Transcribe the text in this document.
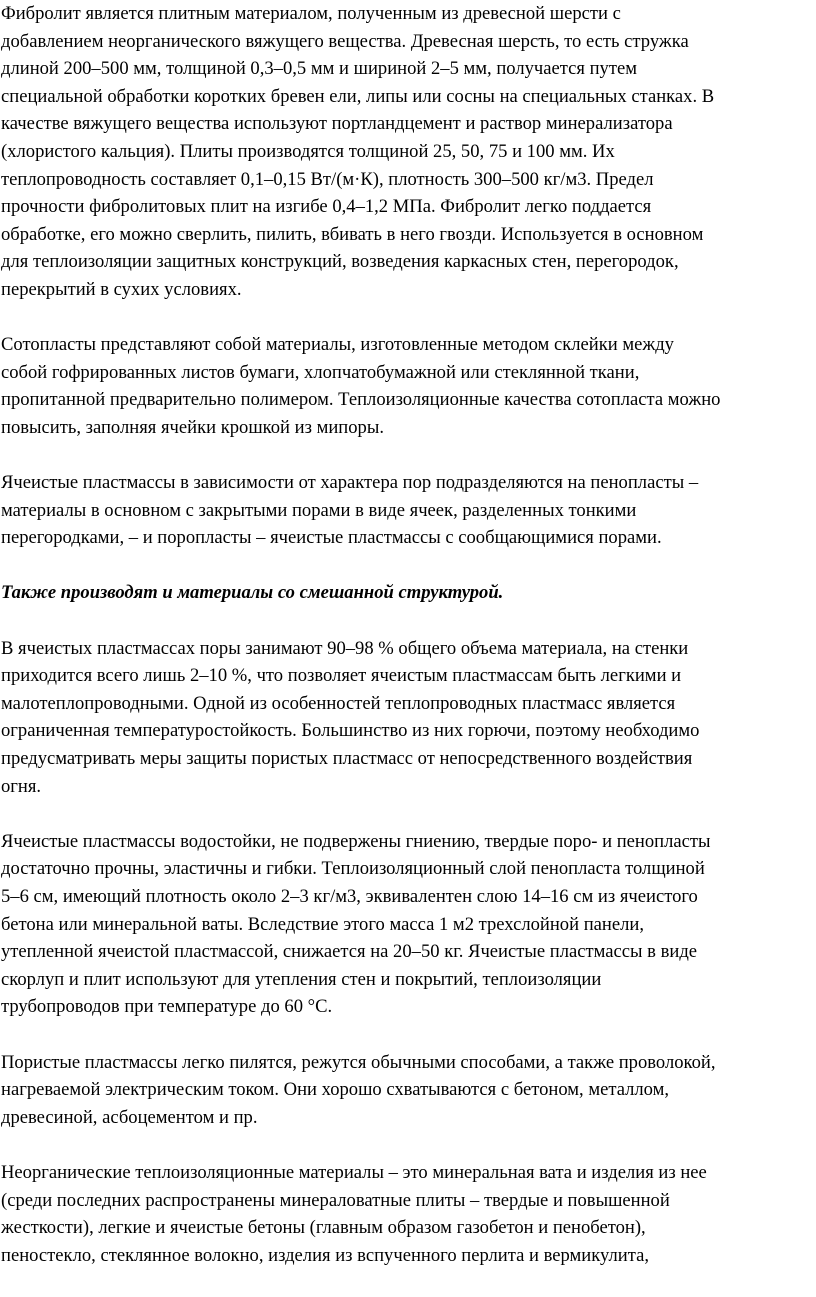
Фибролит является плитным материалом, полученным из древесной шерсти с
добавлением неорганического вяжущего вещества. Древесная шерсть, то есть стружка
длиной 200–500 мм, толщиной 0,3–0,5 мм и шириной 2–5 мм, получается путем
специальной обработки коротких бревен ели, липы или сосны на специальных станках. В
качестве вяжущего вещества используют портландцемент и раствор минерализатора
(хлористого кальция). Плиты производятся толщиной 25, 50, 75 и 100 мм. Их
теплопроводность составляет 0,1–0,15 Вт/(м·К), плотность 300–500 кг/м3. Предел
прочности фибролитовых плит на изгибе 0,4–1,2 МПа. Фибролит легко поддается
обработке, его можно сверлить, пилить, вбивать в него гвозди. Используется в основном
для теплоизоляции защитных конструкций, возведения каркасных стен, перегородок,
перекрытий в сухих условиях.

Сотопласты представляют собой материалы, изготовленные методом склейки между
собой гофрированных листов бумаги, хлопчатобумажной или стеклянной ткани,
пропитанной предварительно полимером. Теплоизоляционные качества сотопласта можно
повысить, заполняя ячейки крошкой из мипоры.

Ячеистые пластмассы в зависимости от характера пор подразделяются на пенопласты –
материалы в основном с закрытыми порами в виде ячеек, разделенных тонкими
перегородками, – и поропласты – ячеистые пластмассы с сообщающимися порами.

Также производят и материалы со смешанной структурой.

В ячеистых пластмассах поры занимают 90–98 % общего объема материала, на стенки
приходится всего лишь 2–10 %, что позволяет ячеистым пластмассам быть легкими и
малотеплопроводными. Одной из особенностей теплопроводных пластмасс является
ограниченная температуростойкость. Большинство из них горючи, поэтому необходимо
предусматривать меры защиты пористых пластмасс от непосредственного воздействия
огня.

Ячеистые пластмассы водостойки, не подвержены гниению, твердые поро- и пенопласты
достаточно прочны, эластичны и гибки. Теплоизоляционный слой пенопласта толщиной
5–6 см, имеющий плотность около 2–3 кг/м3, эквивалентен слою 14–16 см из ячеистого
бетона или минеральной ваты. Вследствие этого масса 1 м2 трехслойной панели,
утепленной ячеистой пластмассой, снижается на 20–50 кг. Ячеистые пластмассы в виде
скорлуп и плит используют для утепления стен и покрытий, теплоизоляции
трубопроводов при температуре до 60 °С.

Пористые пластмассы легко пилятся, режутся обычными способами, а также проволокой,
нагреваемой электрическим током. Они хорошо схватываются с бетоном, металлом,
древесиной, асбоцементом и пр.

Неорганические теплоизоляционные материалы – это минеральная вата и изделия из нее
(среди последних распространены минераловатные плиты – твердые и повышенной
жесткости), легкие и ячеистые бетоны (главным образом газобетон и пенобетон),
пеностекло, стеклянное волокно, изделия из вспученного перлита и вермикулита,
